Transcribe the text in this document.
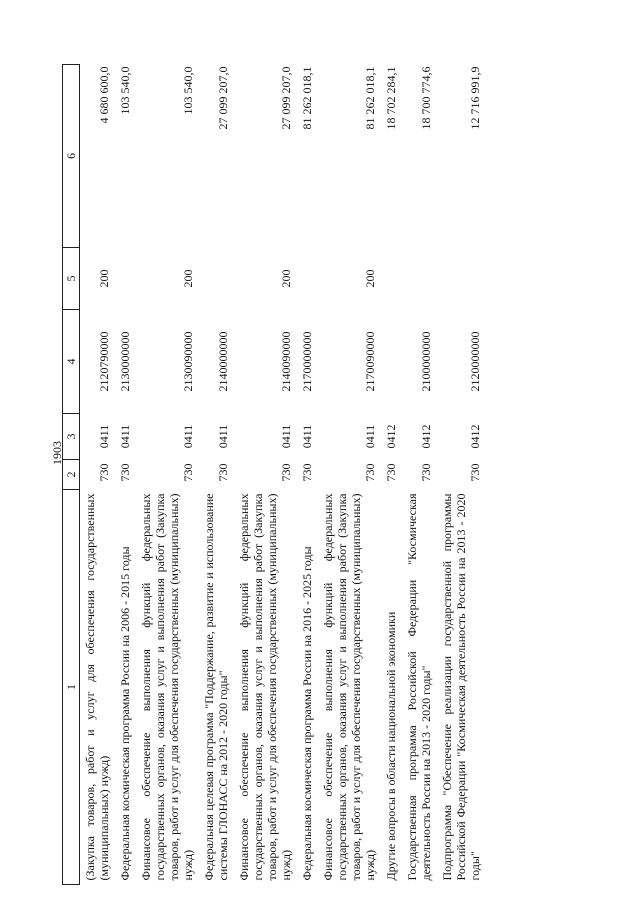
1903
1	2	3	4	5	6
(Закупка товаров, работ и услуг для обеспечения государственных (муниципальных) нужд)	730	0411	2120790000	200	4 680 600,0
Федеральная космическая программа России на 2006 - 2015 годы	730	0411	2130000000		103 540,0
Финансовое обеспечение выполнения функций федеральных государственных органов, оказания услуг и выполнения работ (Закупка товаров, работ и услуг для обеспечения государственных (муниципальных) нужд)	730	0411	2130090000	200	103 540,0
Федеральная целевая программа "Поддержание, развитие и использование системы ГЛОНАСС на 2012 - 2020 годы"	730	0411	2140000000		27 099 207,0
Финансовое обеспечение выполнения функций федеральных государственных органов, оказания услуг и выполнения работ (Закупка товаров, работ и услуг для обеспечения государственных (муниципальных) нужд)	730	0411	2140090000	200	27 099 207,0
Федеральная космическая программа России на 2016 - 2025 годы	730	0411	2170000000		81 262 018,1
Финансовое обеспечение выполнения функций федеральных государственных органов, оказания услуг и выполнения работ (Закупка товаров, работ и услуг для обеспечения государственных (муниципальных) нужд)	730	0411	2170090000	200	81 262 018,1
Другие вопросы в области национальной экономики	730	0412			18 702 284,1
Государственная программа Российской Федерации "Космическая деятельность России на 2013 - 2020 годы"	730	0412	2100000000		18 700 774,6
Подпрограмма "Обеспечение реализации государственной программы Российской Федерации "Космическая деятельность России на 2013 - 2020 годы"	730	0412	2120000000		12 716 991,9
